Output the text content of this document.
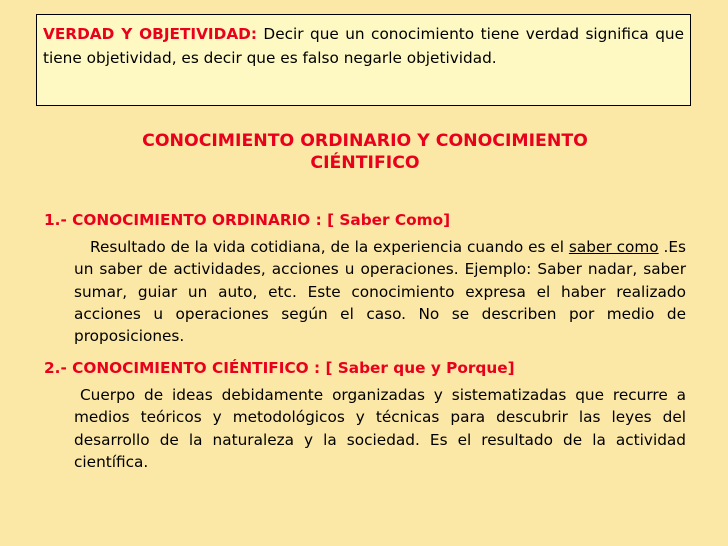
VERDAD Y OBJETIVIDAD: Decir que un conocimiento tiene verdad significa que tiene objetividad, es decir que es falso negarle objetividad.
CONOCIMIENTO ORDINARIO Y CONOCIMIENTO
CIÉNTIFICO
1.- CONOCIMIENTO ORDINARIO : [ Saber Como]
Resultado de la vida cotidiana, de la experiencia cuando es el saber como .Es un saber de actividades, acciones u operaciones. Ejemplo: Saber nadar, saber sumar, guiar un auto, etc. Este conocimiento expresa el haber realizado acciones u operaciones según el caso. No se describen por medio de proposiciones.
2.- CONOCIMIENTO CIÉNTIFICO : [ Saber que y Porque]
Cuerpo de ideas debidamente organizadas y sistematizadas que recurre a medios teóricos y metodológicos y técnicas para descubrir las leyes del desarrollo de la naturaleza y la sociedad. Es el resultado de la actividad científica.
